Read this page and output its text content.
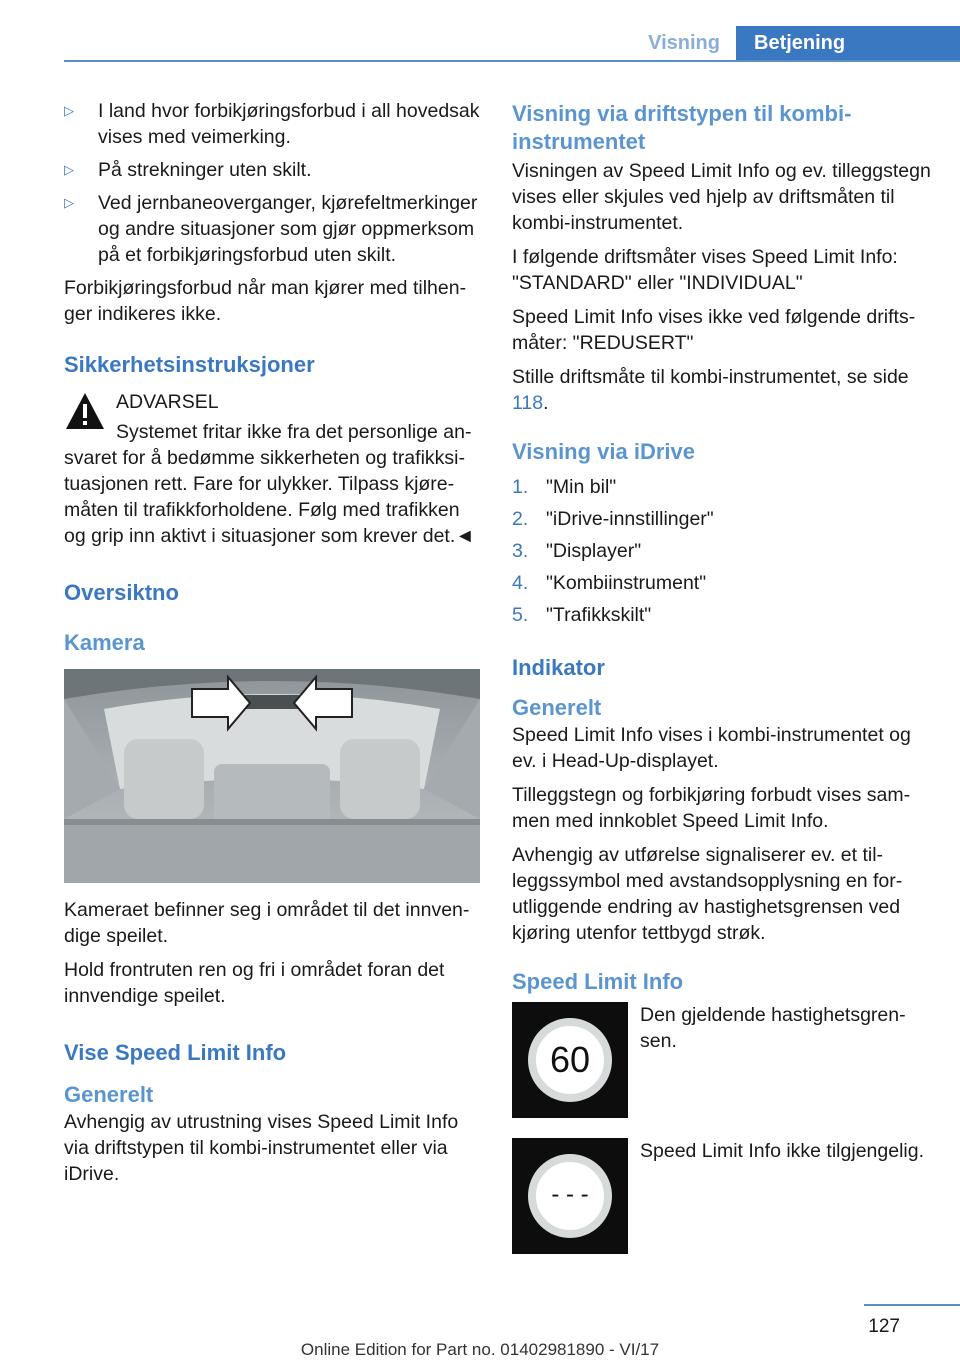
Visning	Betjening
▷	I land hvor forbikjøringsforbud i all hovedsak vises med veimerking.
▷	På strekninger uten skilt.
▷	Ved jernbaneoverganger, kjørefeltmerkinger og andre situasjoner som gjør oppmerksom på et forbikjøringsforbud uten skilt.

Forbikjøringsforbud når man kjører med tilhenger indikeres ikke.

Sikkerhetsinstruksjoner
ADVARSEL
Systemet fritar ikke fra det personlige ansvaret for å bedømme sikkerheten og trafikksituasjonen rett. Fare for ulykker. Tilpass kjøremåten til trafikkforholdene. Følg med trafikken og grip inn aktivt i situasjoner som krever det.◄
Oversiktno
Kamera

Kameraet befinner seg i området til det innvendige speilet.

Hold frontruten ren og fri i området foran det innvendige speilet.

Vise Speed Limit Info
Generelt

Avhengig av utrustning vises Speed Limit Info via driftstypen til kombi-instrumentet eller via iDrive.

Visning via driftstypen til kombiinstrumentet

Visningen av Speed Limit Info og ev. tilleggstegn vises eller skjules ved hjelp av driftsmåten til kombi-instrumentet.

I følgende driftsmåter vises Speed Limit Info: "STANDARD" eller "INDIVIDUAL"

Speed Limit Info vises ikke ved følgende driftsmåter: "REDUSERT"

Stille driftsmåte til kombi-instrumentet, se side 118.

Visning via iDrive
1. "Min bil"
2. "iDrive-innstillinger"
3. "Displayer"
4. "Kombiinstrument"
5. "Trafikkskilt"
Indikator
Generelt

Speed Limit Info vises i kombi-instrumentet og ev. i Head-Up-displayet.

Tilleggstegn og forbikjøring forbudt vises sammen med innkoblet Speed Limit Info.

Avhengig av utførelse signaliserer ev. et tilleggssymbol med avstandsopplysning en forutliggende endring av hastighetsgrensen ved kjøring utenfor tettbygd strøk.

Speed Limit Info
60
Den gjeldende hastighetsgrensen.
- - -
Speed Limit Info ikke tilgjengelig.
127
Online Edition for Part no. 01402981890 - VI/17
